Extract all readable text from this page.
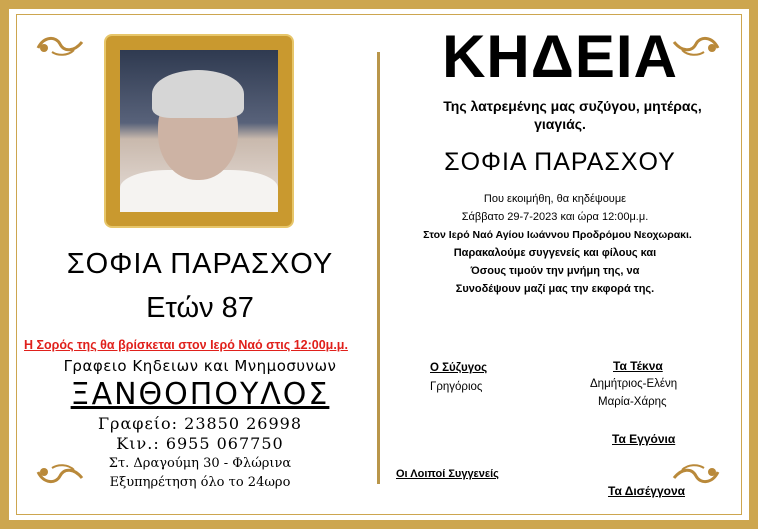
ΣΟΦΙΑ ΠΑΡΑΣΧΟΥ
Ετών 87
Η Σορός της θα βρίσκεται στον Ιερό Ναό στις 12:00μ.μ.
Γραφειο Κηδειων και Μνημοσυνων
ΞΑΝΘΟΠΟΥΛΟΣ
Γραφείο: 23850 26998
Κιν.: 6955 067750
Στ. Δραγούμη 30 - Φλώρινα
Εξυπηρέτηση όλο το 24ωρο
ΚΗΔΕΙΑ
Της λατρεμένης μας συζύγου, μητέρας,
γιαγιάς.
ΣΟΦΙΑ ΠΑΡΑΣΧΟΥ
Που εκοιμήθη, θα κηδέψουμε
Σάββατο 29-7-2023 και ώρα 12:00μ.μ.
Στον Ιερό Ναό Αγίου Ιωάννου Προδρόμου Νεοχωρακι.
Παρακαλούμε συγγενείς και φίλους και
Όσους τιμούν την μνήμη της, να
Συνοδέψουν μαζί μας την εκφορά της.
Ο Σύζυγος
Γρηγόριος
Τα Τέκνα
Δημήτριος-Ελένη
Μαρία-Χάρης
Τα Εγγόνια
Οι Λοιποί Συγγενείς
Τα Δισέγγονα
